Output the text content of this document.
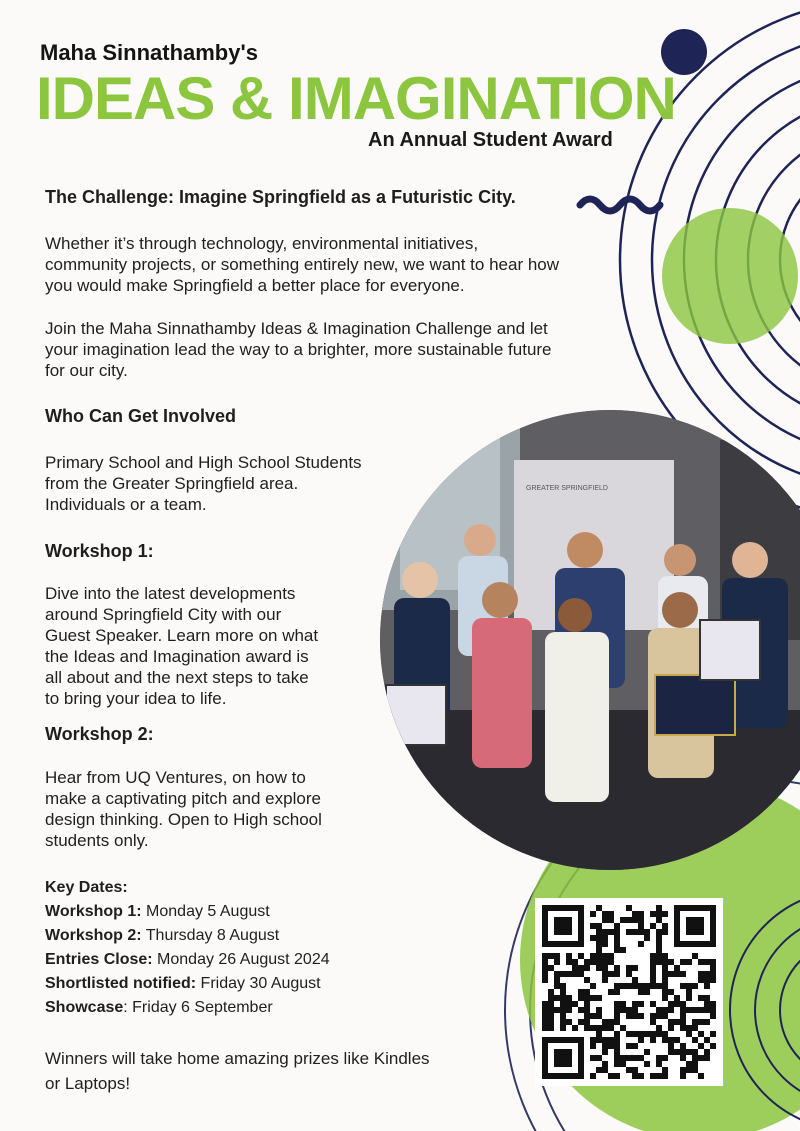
Maha Sinnathamby's
IDEAS & IMAGINATION
An Annual Student Award
The Challenge: Imagine Springfield as a Futuristic City.
Whether it’s through technology, environmental initiatives,
community projects, or something entirely new, we want to hear how
you would make Springfield a better place for everyone.
Join the Maha Sinnathamby Ideas & Imagination Challenge and let
your imagination lead the way to a brighter, more sustainable future
for our city.
Who Can Get Involved
Primary School and High School Students
from the Greater Springfield area.
Individuals or a team.
Workshop 1:
Dive into the latest developments
around Springfield City with our
Guest Speaker. Learn more on what
the Ideas and Imagination award is
all about and the next steps to take
to bring your idea to life.
Workshop 2:
Hear from UQ Ventures, on how to
make a captivating pitch and explore
design thinking. Open to High school
students only.
Key Dates:
Workshop 1: Monday 5 August
Workshop 2: Thursday 8 August
Entries Close: Monday 26 August 2024
Shortlisted notified: Friday 30 August
Showcase: Friday 6 September
Winners will take home amazing prizes like Kindles
or Laptops!
GREATER SPRINGFIELD
